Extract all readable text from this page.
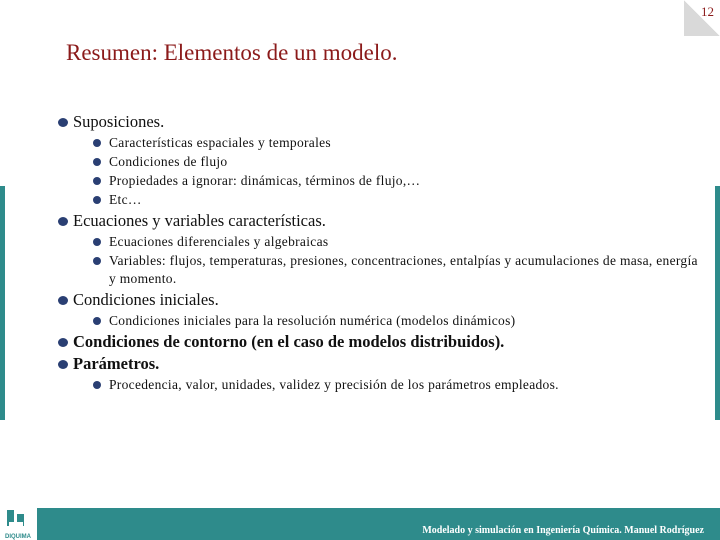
12
Resumen: Elementos de un modelo.
Suposiciones.
Características espaciales y temporales
Condiciones de flujo
Propiedades a ignorar: dinámicas, términos de flujo,…
Etc…
Ecuaciones y variables características.
Ecuaciones diferenciales y algebraicas
Variables: flujos, temperaturas, presiones, concentraciones, entalpías y acumulaciones de masa, energía y momento.
Condiciones iniciales.
Condiciones iniciales para la resolución numérica (modelos dinámicos)
Condiciones de contorno (en el caso de modelos distribuidos).
Parámetros.
Procedencia, valor, unidades, validez y precisión de los parámetros empleados.
Modelado y simulación en Ingeniería Química. Manuel Rodríguez
DIQUIMA
